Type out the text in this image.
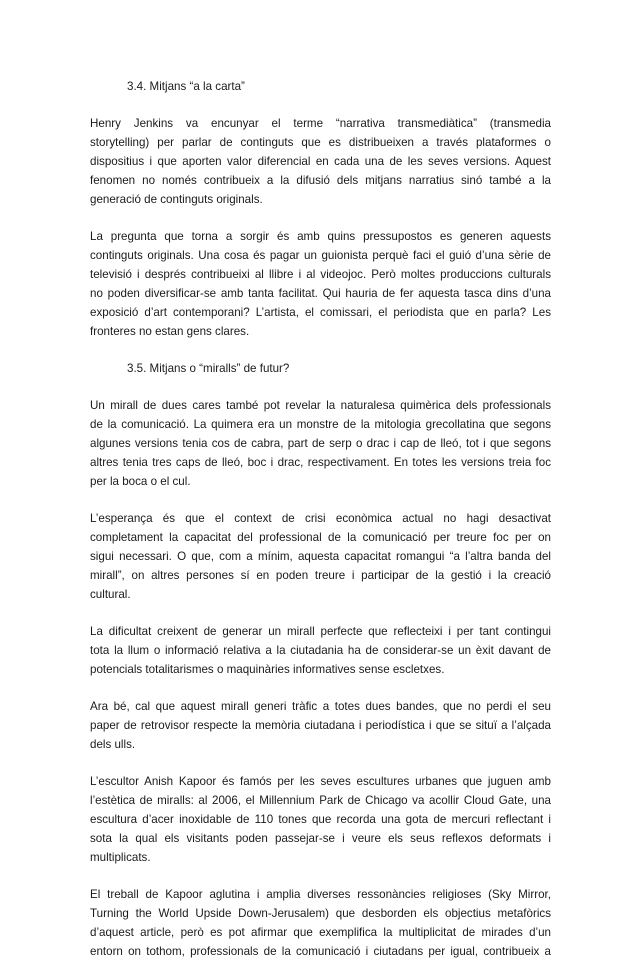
3.4. Mitjans “a la carta”
Henry Jenkins va encunyar el terme “narrativa transmediàtica” (transmedia
storytelling) per parlar de continguts que es distribueixen a través plataformes o
dispositius i que aporten valor diferencial en cada una de les seves versions. Aquest
fenomen no només contribueix a la difusió dels mitjans narratius sinó també a la
generació de continguts originals.
La pregunta que torna a sorgir és amb quins pressupostos es generen aquests
continguts originals. Una cosa és pagar un guionista perquè faci el guió d’una sèrie de
televisió i després contribueixi al llibre i al videojoc. Però moltes produccions culturals
no poden diversificar-se amb tanta facilitat. Qui hauria de fer aquesta tasca dins d’una
exposició d’art contemporani? L’artista, el comissari, el periodista que en parla? Les
fronteres no estan gens clares.
3.5. Mitjans o “miralls” de futur?
Un mirall de dues cares també pot revelar la naturalesa quimèrica dels professionals
de la comunicació. La quimera era un monstre de la mitologia grecollatina que segons
algunes versions tenia cos de cabra, part de serp o drac i cap de lleó, tot i que segons
altres tenia tres caps de lleó, boc i drac, respectivament. En totes les versions treia foc
per la boca o el cul.
L’esperança és que el context de crisi econòmica actual no hagi desactivat
completament la capacitat del professional de la comunicació per treure foc per on
sigui necessari. O que, com a mínim, aquesta capacitat romangui “a l’altra banda del
mirall”, on altres persones sí en poden treure i participar de la gestió i la creació
cultural.
La dificultat creixent de generar un mirall perfecte que reflecteixi i per tant contingui
tota la llum o informació relativa a la ciutadania ha de considerar-se un èxit davant de
potencials totalitarismes o maquinàries informatives sense escletxes.
Ara bé, cal que aquest mirall generi tràfic a totes dues bandes, que no perdi el seu
paper de retrovisor respecte la memòria ciutadana i periodística i que se situï a l’alçada
dels ulls.
L’escultor Anish Kapoor és famós per les seves escultures urbanes que juguen amb
l’estètica de miralls: al 2006, el Millennium Park de Chicago va acollir Cloud Gate, una
escultura d’acer inoxidable de 110 tones que recorda una gota de mercuri reflectant i
sota la qual els visitants poden passejar-se i veure els seus reflexos deformats i
multiplicats.
El treball de Kapoor aglutina i amplia diverses ressonàncies religioses (Sky Mirror,
Turning the World Upside Down-Jerusalem) que desborden els objectius metafòrics
d’aquest article, però es pot afirmar que exemplifica la multiplicitat de mirades d’un
entorn on tothom, professionals de la comunicació i ciutadans per igual, contribueix a
